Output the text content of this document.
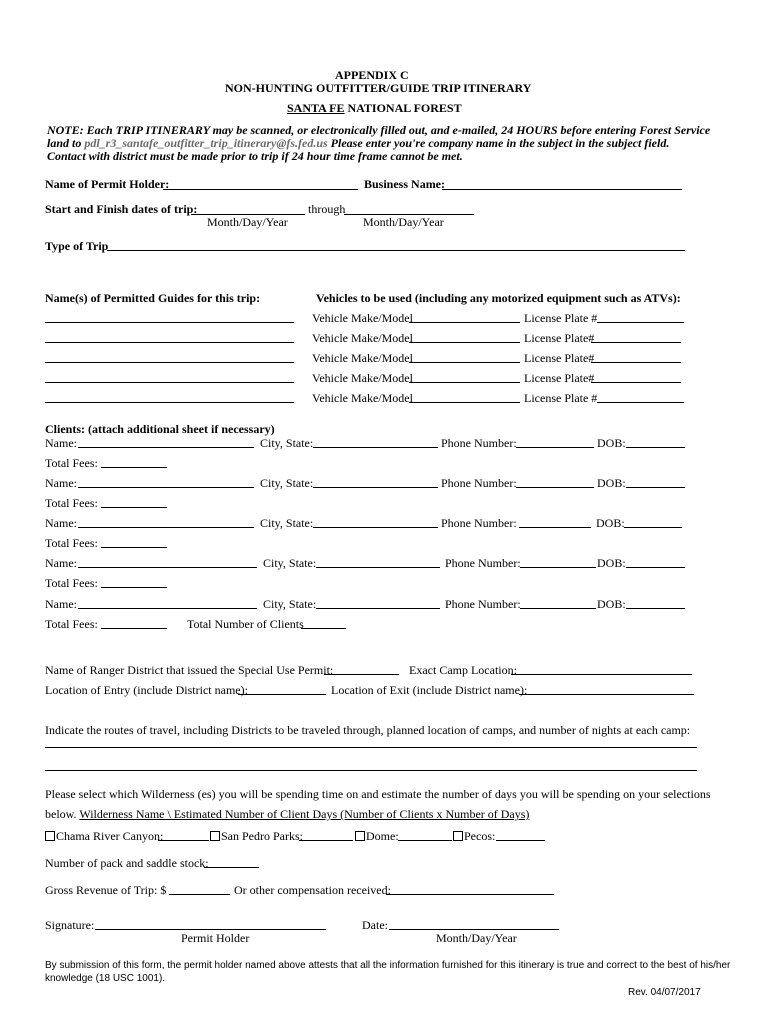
APPENDIX C
NON-HUNTING OUTFITTER/GUIDE TRIP ITINERARY
SANTA FE NATIONAL FOREST
NOTE: Each TRIP ITINERARY may be scanned, or electronically filled out, and e-mailed, 24 HOURS before entering Forest Service
land to pdl_r3_santafe_outfitter_trip_itinerary@fs.fed.us Please enter you're company name in the subject in the subject field.
Contact with district must be made prior to trip if 24 hour time frame cannot be met.
Name of Permit Holder:	Business Name:
Start and Finish dates of trip:	through
Month/Day/Year	Month/Day/Year
Type of Trip
Name(s) of Permitted Guides for this trip:	Vehicles to be used (including any motorized equipment such as ATVs):
Vehicle Make/Model	License Plate #
Vehicle Make/Model	License Plate#
Vehicle Make/Model	License Plate#
Vehicle Make/Model	License Plate#
Vehicle Make/Model	License Plate #
Clients: (attach additional sheet if necessary)
Name:	City, State:	Phone Number:	DOB:
Total Fees:
Name:	City, State:	Phone Number:	DOB:
Total Fees:
Name:	City, State:	Phone Number:	DOB:
Total Fees:
Name:	City, State:	Phone Number:	DOB:
Total Fees:
Name:	City, State:	Phone Number:	DOB:
Total Fees:	Total Number of Clients
Name of Ranger District that issued the Special Use Permit:	Exact Camp Location:
Location of Entry (include District name):	Location of Exit (include District name):
Indicate the routes of travel, including Districts to be traveled through, planned location of camps, and number of nights at each camp:
Please select which Wilderness (es) you will be spending time on and estimate the number of days you will be spending on your selections
below. Wilderness Name \ Estimated Number of Client Days (Number of Clients x Number of Days)
Chama River Canyon:	San Pedro Parks:	Dome:	Pecos:
Number of pack and saddle stock:
Gross Revenue of Trip: $	Or other compensation received:
Signature:	Date:
Permit Holder	Month/Day/Year
By submission of this form, the permit holder named above attests that all the information furnished for this itinerary is true and correct to the best of his/her
knowledge (18 USC 1001).
Rev. 04/07/2017
